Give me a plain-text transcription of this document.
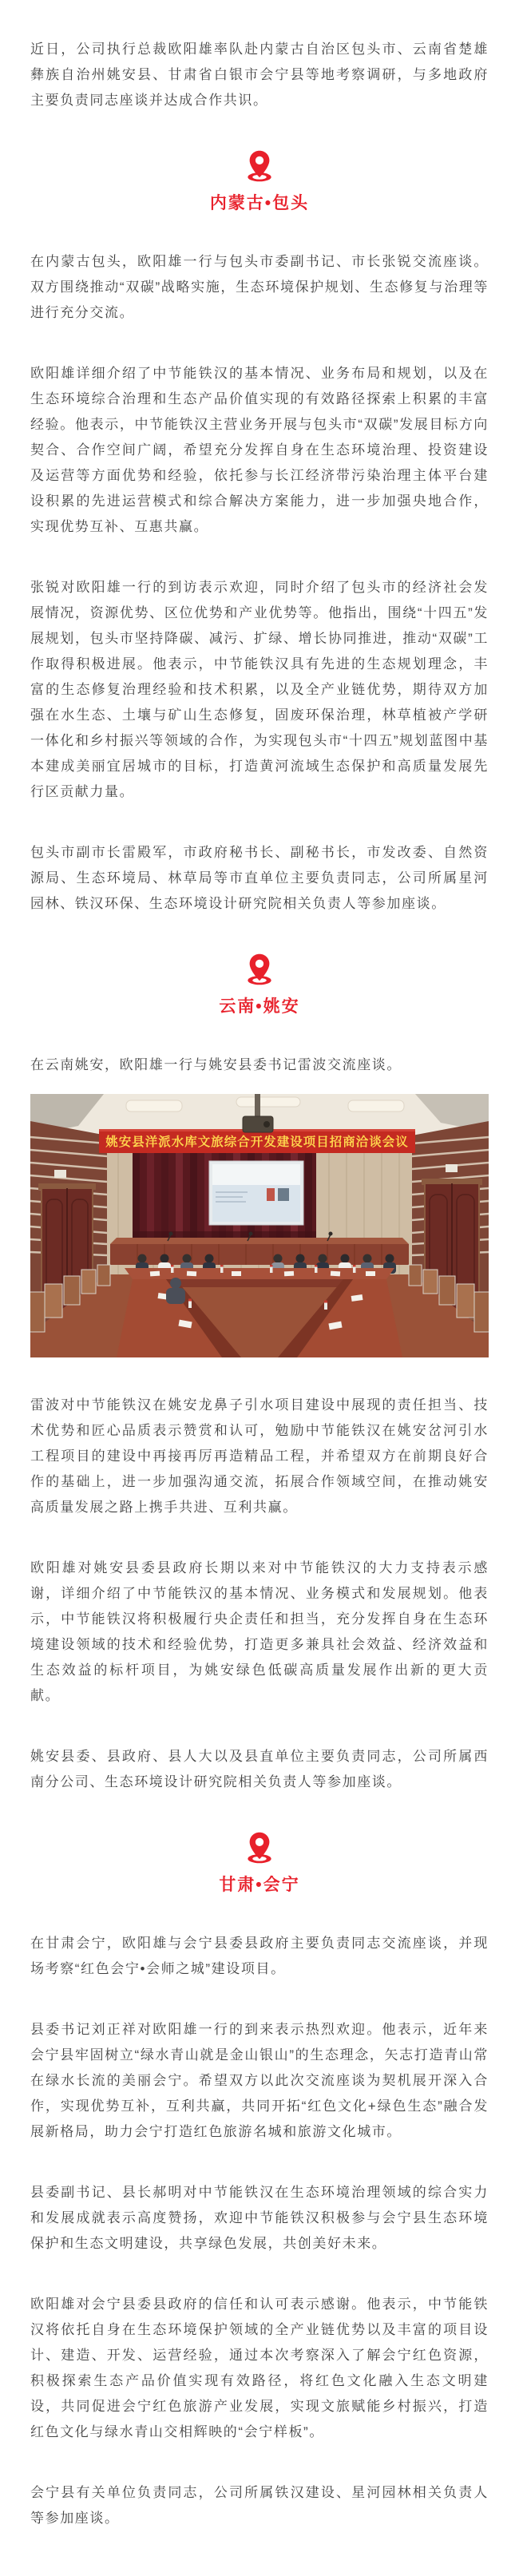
近日，公司执行总裁欧阳雄率队赴内蒙古自治区包头市、云南省楚雄彝族自治州姚安县、甘肃省白银市会宁县等地考察调研，与多地政府主要负责同志座谈并达成合作共识。

内蒙古•包头

在内蒙古包头，欧阳雄一行与包头市委副书记、市长张锐交流座谈。双方围绕推动“双碳”战略实施，生态环境保护规划、生态修复与治理等进行充分交流。

欧阳雄详细介绍了中节能铁汉的基本情况、业务布局和规划，以及在生态环境综合治理和生态产品价值实现的有效路径探索上积累的丰富经验。他表示，中节能铁汉主营业务开展与包头市“双碳”发展目标方向契合、合作空间广阔，希望充分发挥自身在生态环境治理、投资建设及运营等方面优势和经验，依托参与长江经济带污染治理主体平台建设积累的先进运营模式和综合解决方案能力，进一步加强央地合作，实现优势互补、互惠共赢。

张锐对欧阳雄一行的到访表示欢迎，同时介绍了包头市的经济社会发展情况，资源优势、区位优势和产业优势等。他指出，围绕“十四五”发展规划，包头市坚持降碳、减污、扩绿、增长协同推进，推动“双碳”工作取得积极进展。他表示，中节能铁汉具有先进的生态规划理念，丰富的生态修复治理经验和技术积累，以及全产业链优势，期待双方加强在水生态、土壤与矿山生态修复，固废环保治理，林草植被产学研一体化和乡村振兴等领域的合作，为实现包头市“十四五”规划蓝图中基本建成美丽宜居城市的目标，打造黄河流域生态保护和高质量发展先行区贡献力量。

包头市副市长雷殿军，市政府秘书长、副秘书长，市发改委、自然资源局、生态环境局、林草局等市直单位主要负责同志，公司所属星河园林、铁汉环保、生态环境设计研究院相关负责人等参加座谈。

云南•姚安

在云南姚安，欧阳雄一行与姚安县委书记雷波交流座谈。

姚安县洋派水库文旅综合开发建设项目招商洽谈会议

雷波对中节能铁汉在姚安龙鼻子引水项目建设中展现的责任担当、技术优势和匠心品质表示赞赏和认可，勉励中节能铁汉在姚安岔河引水工程项目的建设中再接再厉再造精品工程，并希望双方在前期良好合作的基础上，进一步加强沟通交流，拓展合作领域空间，在推动姚安高质量发展之路上携手共进、互利共赢。

欧阳雄对姚安县委县政府长期以来对中节能铁汉的大力支持表示感谢，详细介绍了中节能铁汉的基本情况、业务模式和发展规划。他表示，中节能铁汉将积极履行央企责任和担当，充分发挥自身在生态环境建设领域的技术和经验优势，打造更多兼具社会效益、经济效益和生态效益的标杆项目，为姚安绿色低碳高质量发展作出新的更大贡献。

姚安县委、县政府、县人大以及县直单位主要负责同志，公司所属西南分公司、生态环境设计研究院相关负责人等参加座谈。

甘肃•会宁

在甘肃会宁，欧阳雄与会宁县委县政府主要负责同志交流座谈，并现场考察“红色会宁•会师之城”建设项目。

县委书记刘正祥对欧阳雄一行的到来表示热烈欢迎。他表示，近年来会宁县牢固树立“绿水青山就是金山银山”的生态理念，矢志打造青山常在绿水长流的美丽会宁。希望双方以此次交流座谈为契机展开深入合作，实现优势互补，互利共赢，共同开拓“红色文化+绿色生态”融合发展新格局，助力会宁打造红色旅游名城和旅游文化城市。

县委副书记、县长郝明对中节能铁汉在生态环境治理领域的综合实力和发展成就表示高度赞扬，欢迎中节能铁汉积极参与会宁县生态环境保护和生态文明建设，共享绿色发展，共创美好未来。

欧阳雄对会宁县委县政府的信任和认可表示感谢。他表示，中节能铁汉将依托自身在生态环境保护领域的全产业链优势以及丰富的项目设计、建造、开发、运营经验，通过本次考察深入了解会宁红色资源，积极探索生态产品价值实现有效路径，将红色文化融入生态文明建设，共同促进会宁红色旅游产业发展，实现文旅赋能乡村振兴，打造红色文化与绿水青山交相辉映的“会宁样板”。

会宁县有关单位负责同志，公司所属铁汉建设、星河园林相关负责人等参加座谈。
